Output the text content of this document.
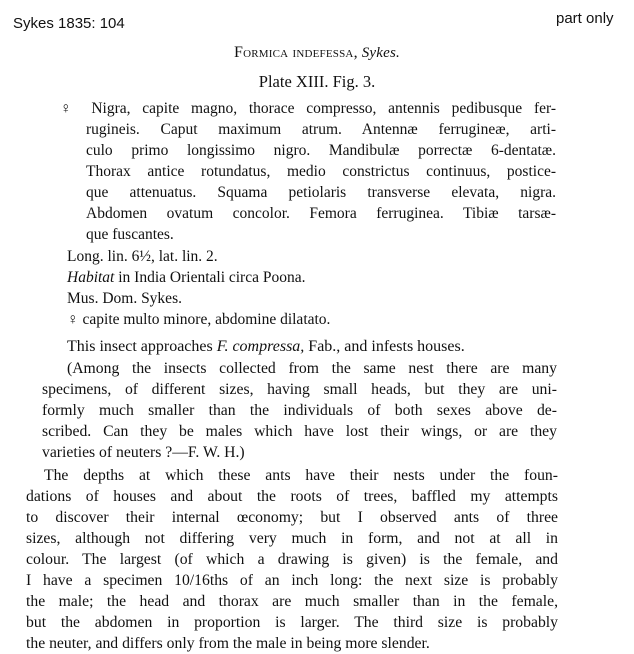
Sykes 1835: 104	part only
Formica indefessa, Sykes.
Plate XIII. Fig. 3.
♀ Nigra, capite magno, thorace compresso, antennis pedibusque fer-
rugineis. Caput maximum atrum. Antennæ ferrugineæ, arti-
culo primo longissimo nigro. Mandibulæ porrectæ 6-dentatæ.
Thorax antice rotundatus, medio constrictus continuus, postice-
que attenuatus. Squama petiolaris transverse elevata, nigra.
Abdomen ovatum concolor. Femora ferruginea. Tibiæ tarsæ-
que fuscantes.
Long. lin. 6½, lat. lin. 2.
Habitat in India Orientali circa Poona.
Mus. Dom. Sykes.
♀ capite multo minore, abdomine dilatato.
This insect approaches F. compressa, Fab., and infests houses.
(Among the insects collected from the same nest there are many
specimens, of different sizes, having small heads, but they are uni-
formly much smaller than the individuals of both sexes above de-
scribed. Can they be males which have lost their wings, or are they
varieties of neuters ?—F. W. H.)
The depths at which these ants have their nests under the foun-
dations of houses and about the roots of trees, baffled my attempts
to discover their internal œconomy; but I observed ants of three
sizes, although not differing very much in form, and not at all in
colour. The largest (of which a drawing is given) is the female, and
I have a specimen 10/16ths of an inch long: the next size is probably
the male; the head and thorax are much smaller than in the female,
but the abdomen in proportion is larger. The third size is probably
the neuter, and differs only from the male in being more slender.
